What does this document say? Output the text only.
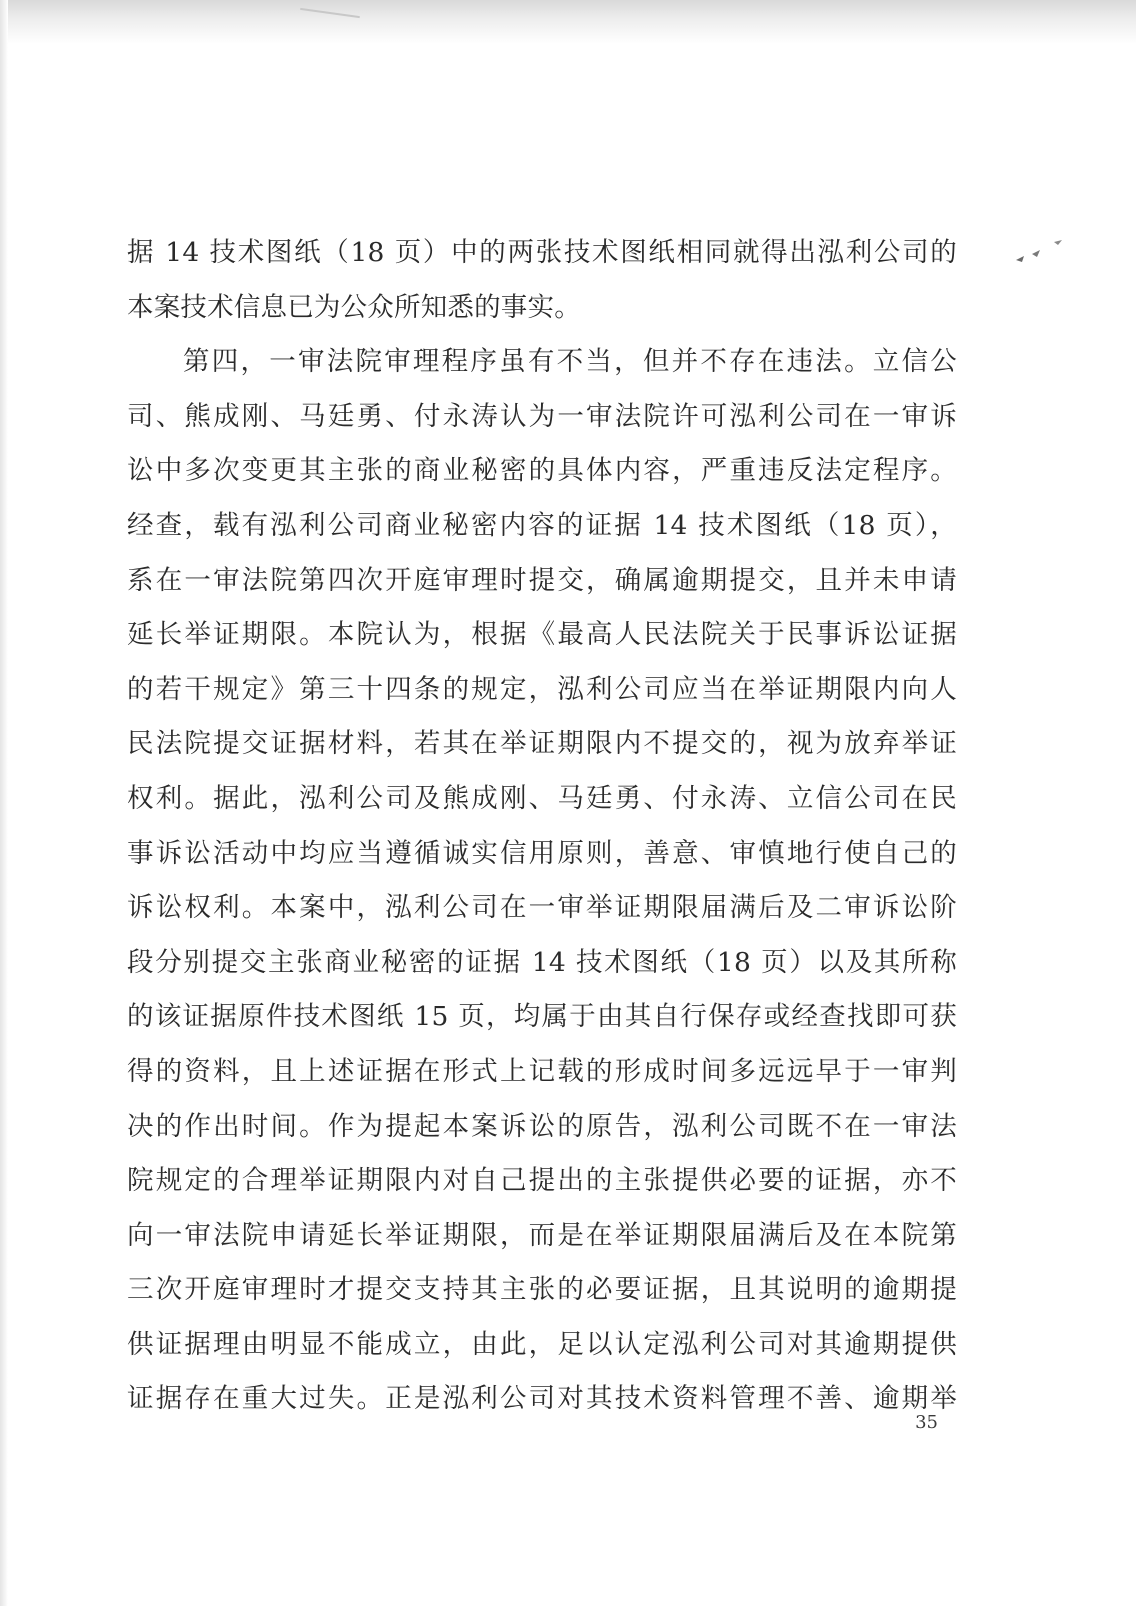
据 14 技术图纸（18 页）中的两张技术图纸相同就得出泓利公司的
本案技术信息已为公众所知悉的事实。
第四，一审法院审理程序虽有不当，但并不存在违法。立信公
司、熊成刚、马廷勇、付永涛认为一审法院许可泓利公司在一审诉
讼中多次变更其主张的商业秘密的具体内容，严重违反法定程序。
经查，载有泓利公司商业秘密内容的证据 14 技术图纸（18 页），
系在一审法院第四次开庭审理时提交，确属逾期提交，且并未申请
延长举证期限。本院认为，根据《最高人民法院关于民事诉讼证据
的若干规定》第三十四条的规定，泓利公司应当在举证期限内向人
民法院提交证据材料，若其在举证期限内不提交的，视为放弃举证
权利。据此，泓利公司及熊成刚、马廷勇、付永涛、立信公司在民
事诉讼活动中均应当遵循诚实信用原则，善意、审慎地行使自己的
诉讼权利。本案中，泓利公司在一审举证期限届满后及二审诉讼阶
段分别提交主张商业秘密的证据 14 技术图纸（18 页）以及其所称
的该证据原件技术图纸 15 页，均属于由其自行保存或经查找即可获
得的资料，且上述证据在形式上记载的形成时间多远远早于一审判
决的作出时间。作为提起本案诉讼的原告，泓利公司既不在一审法
院规定的合理举证期限内对自己提出的主张提供必要的证据，亦不
向一审法院申请延长举证期限，而是在举证期限届满后及在本院第
三次开庭审理时才提交支持其主张的必要证据，且其说明的逾期提
供证据理由明显不能成立，由此，足以认定泓利公司对其逾期提供
证据存在重大过失。正是泓利公司对其技术资料管理不善、逾期举
35
